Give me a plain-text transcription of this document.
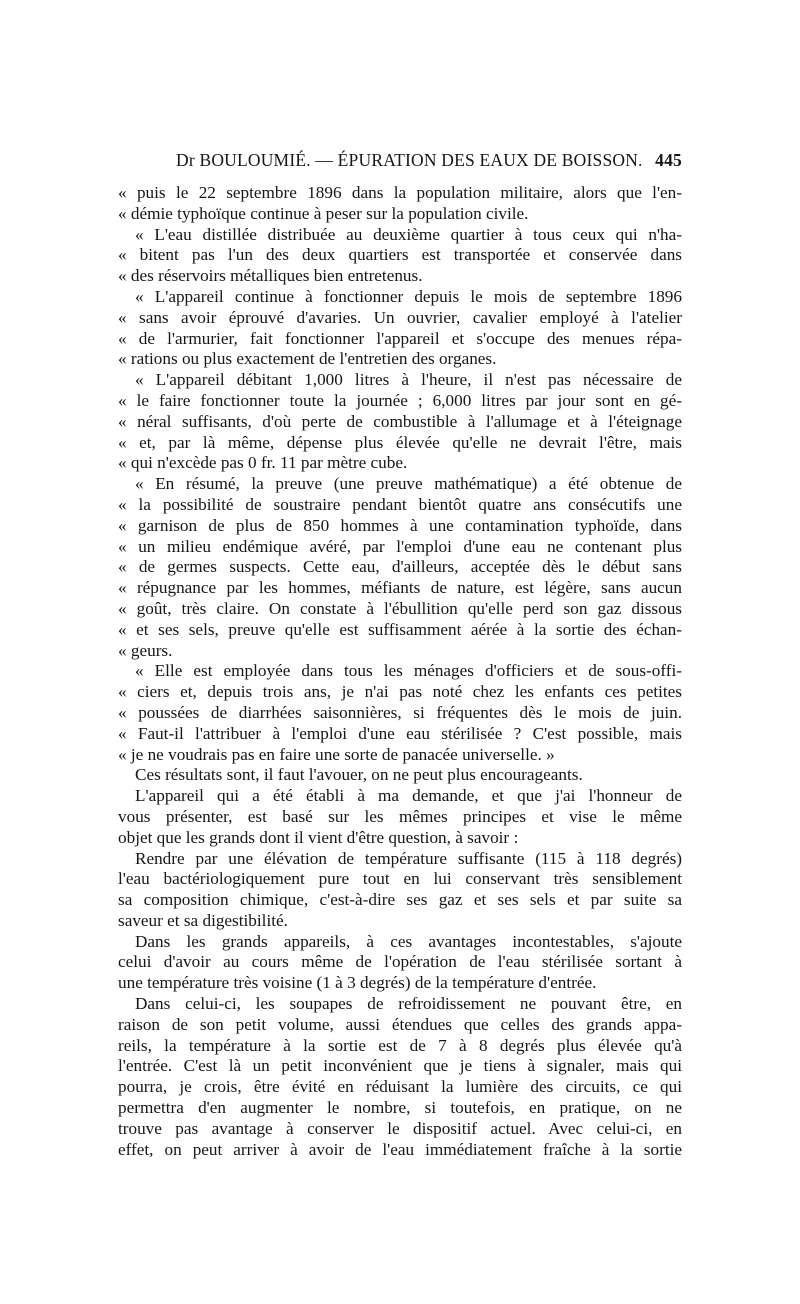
Dr BOULOUMIÉ. — ÉPURATION DES EAUX DE BOISSON. 445
« puis le 22 septembre 1896 dans la population militaire, alors que l'en-
« démie typhoïque continue à peser sur la population civile.
« L'eau distillée distribuée au deuxième quartier à tous ceux qui n'ha-
« bitent pas l'un des deux quartiers est transportée et conservée dans
« des réservoirs métalliques bien entretenus.
« L'appareil continue à fonctionner depuis le mois de septembre 1896
« sans avoir éprouvé d'avaries. Un ouvrier, cavalier employé à l'atelier
« de l'armurier, fait fonctionner l'appareil et s'occupe des menues répa-
« rations ou plus exactement de l'entretien des organes.
« L'appareil débitant 1,000 litres à l'heure, il n'est pas nécessaire de
« le faire fonctionner toute la journée ; 6,000 litres par jour sont en gé-
« néral suffisants, d'où perte de combustible à l'allumage et à l'éteignage
« et, par là même, dépense plus élevée qu'elle ne devrait l'être, mais
« qui n'excède pas 0 fr. 11 par mètre cube.
« En résumé, la preuve (une preuve mathématique) a été obtenue de
« la possibilité de soustraire pendant bientôt quatre ans consécutifs une
« garnison de plus de 850 hommes à une contamination typhoïde, dans
« un milieu endémique avéré, par l'emploi d'une eau ne contenant plus
« de germes suspects. Cette eau, d'ailleurs, acceptée dès le début sans
« répugnance par les hommes, méfiants de nature, est légère, sans aucun
« goût, très claire. On constate à l'ébullition qu'elle perd son gaz dissous
« et ses sels, preuve qu'elle est suffisamment aérée à la sortie des échan-
« geurs.
« Elle est employée dans tous les ménages d'officiers et de sous-offi-
« ciers et, depuis trois ans, je n'ai pas noté chez les enfants ces petites
« poussées de diarrhées saisonnières, si fréquentes dès le mois de juin.
« Faut-il l'attribuer à l'emploi d'une eau stérilisée ? C'est possible, mais
« je ne voudrais pas en faire une sorte de panacée universelle. »
Ces résultats sont, il faut l'avouer, on ne peut plus encourageants.
L'appareil qui a été établi à ma demande, et que j'ai l'honneur de
vous présenter, est basé sur les mêmes principes et vise le même
objet que les grands dont il vient d'être question, à savoir :
Rendre par une élévation de température suffisante (115 à 118 degrés)
l'eau bactériologiquement pure tout en lui conservant très sensiblement
sa composition chimique, c'est-à-dire ses gaz et ses sels et par suite sa
saveur et sa digestibilité.
Dans les grands appareils, à ces avantages incontestables, s'ajoute
celui d'avoir au cours même de l'opération de l'eau stérilisée sortant à
une température très voisine (1 à 3 degrés) de la température d'entrée.
Dans celui-ci, les soupapes de refroidissement ne pouvant être, en
raison de son petit volume, aussi étendues que celles des grands appa-
reils, la température à la sortie est de 7 à 8 degrés plus élevée qu'à
l'entrée. C'est là un petit inconvénient que je tiens à signaler, mais qui
pourra, je crois, être évité en réduisant la lumière des circuits, ce qui
permettra d'en augmenter le nombre, si toutefois, en pratique, on ne
trouve pas avantage à conserver le dispositif actuel. Avec celui-ci, en
effet, on peut arriver à avoir de l'eau immédiatement fraîche à la sortie
